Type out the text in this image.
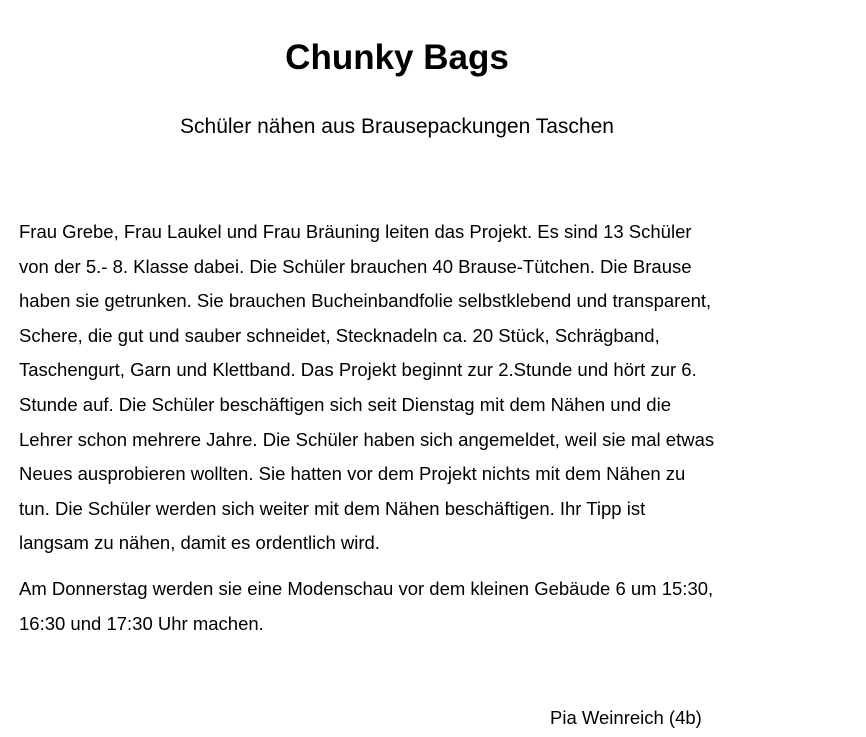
Chunky Bags

Schüler nähen aus Brausepackungen Taschen

Frau Grebe, Frau Laukel und Frau Bräuning leiten das Projekt. Es sind 13 Schüler
von der 5.- 8. Klasse dabei. Die Schüler brauchen 40 Brause-Tütchen. Die Brause
haben sie getrunken. Sie brauchen Bucheinbandfolie selbstklebend und transparent,
Schere, die gut und sauber schneidet, Stecknadeln ca. 20 Stück, Schrägband,
Taschengurt, Garn und Klettband. Das Projekt beginnt zur 2.Stunde und hört zur 6.
Stunde auf. Die Schüler beschäftigen sich seit Dienstag mit dem Nähen und die
Lehrer schon mehrere Jahre. Die Schüler haben sich angemeldet, weil sie mal etwas
Neues ausprobieren wollten. Sie hatten vor dem Projekt nichts mit dem Nähen zu
tun. Die Schüler werden sich weiter mit dem Nähen beschäftigen. Ihr Tipp ist
langsam zu nähen, damit es ordentlich wird.
Am Donnerstag werden sie eine Modenschau vor dem kleinen Gebäude 6 um 15:30,
16:30 und 17:30 Uhr machen.

Pia Weinreich (4b)
